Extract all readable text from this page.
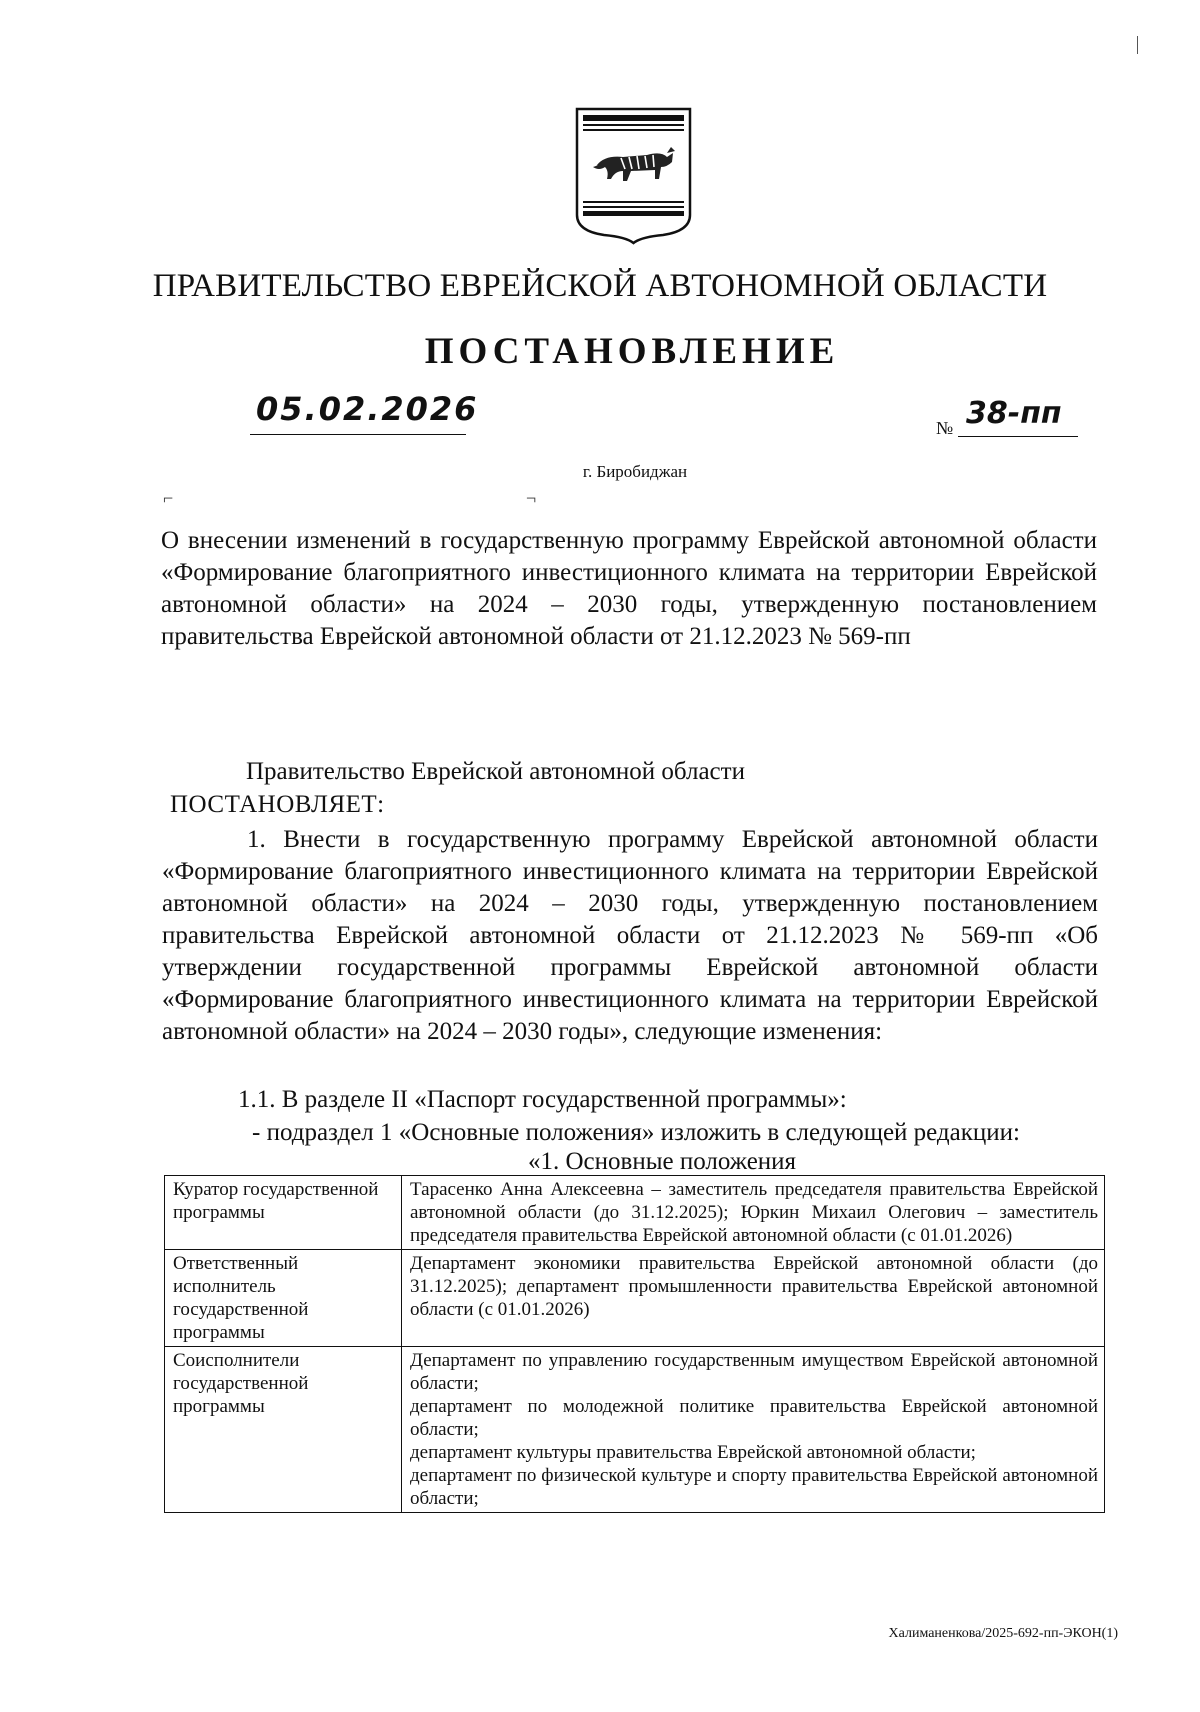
ПРАВИТЕЛЬСТВО ЕВРЕЙСКОЙ АВТОНОМНОЙ ОБЛАСТИ
ПОСТАНОВЛЕНИЕ
05.02.2026	№ 38-пп
г. Биробиджан
⌐	¬
О внесении изменений в государственную программу Еврейской автономной области «Формирование благоприятного инвестиционного климата на территории Еврейской автономной области» на 2024 – 2030 годы, утвержденную постановлением правительства Еврейской автономной области от 21.12.2023 № 569-пп
Правительство Еврейской автономной области
ПОСТАНОВЛЯЕТ:
1. Внести в государственную программу Еврейской автономной области «Формирование благоприятного инвестиционного климата на территории Еврейской автономной области» на 2024 – 2030 годы, утвержденную постановлением правительства Еврейской автономной области от 21.12.2023 № 569-пп «Об утверждении государственной программы Еврейской автономной области «Формирование благоприятного инвестиционного климата на территории Еврейской автономной области» на 2024 – 2030 годы», следующие изменения:
1.1. В разделе II «Паспорт государственной программы»:
- подраздел 1 «Основные положения» изложить в следующей редакции:
«1. Основные положения
Куратор государственной программы	Тарасенко Анна Алексеевна – заместитель председателя правительства Еврейской автономной области (до 31.12.2025); Юркин Михаил Олегович – заместитель председателя правительства Еврейской автономной области (с 01.01.2026)
Ответственный исполнитель государственной программы	Департамент экономики правительства Еврейской автономной области (до 31.12.2025); департамент промышленности правительства Еврейской автономной области (с 01.01.2026)
Соисполнители государственной программы	Департамент по управлению государственным имуществом Еврейской автономной области;
департамент по молодежной политике правительства Еврейской автономной области;
департамент культуры правительства Еврейской автономной области;
департамент по физической культуре и спорту правительства Еврейской автономной области;
Халиманенкова/2025-692-пп-ЭКОН(1)
